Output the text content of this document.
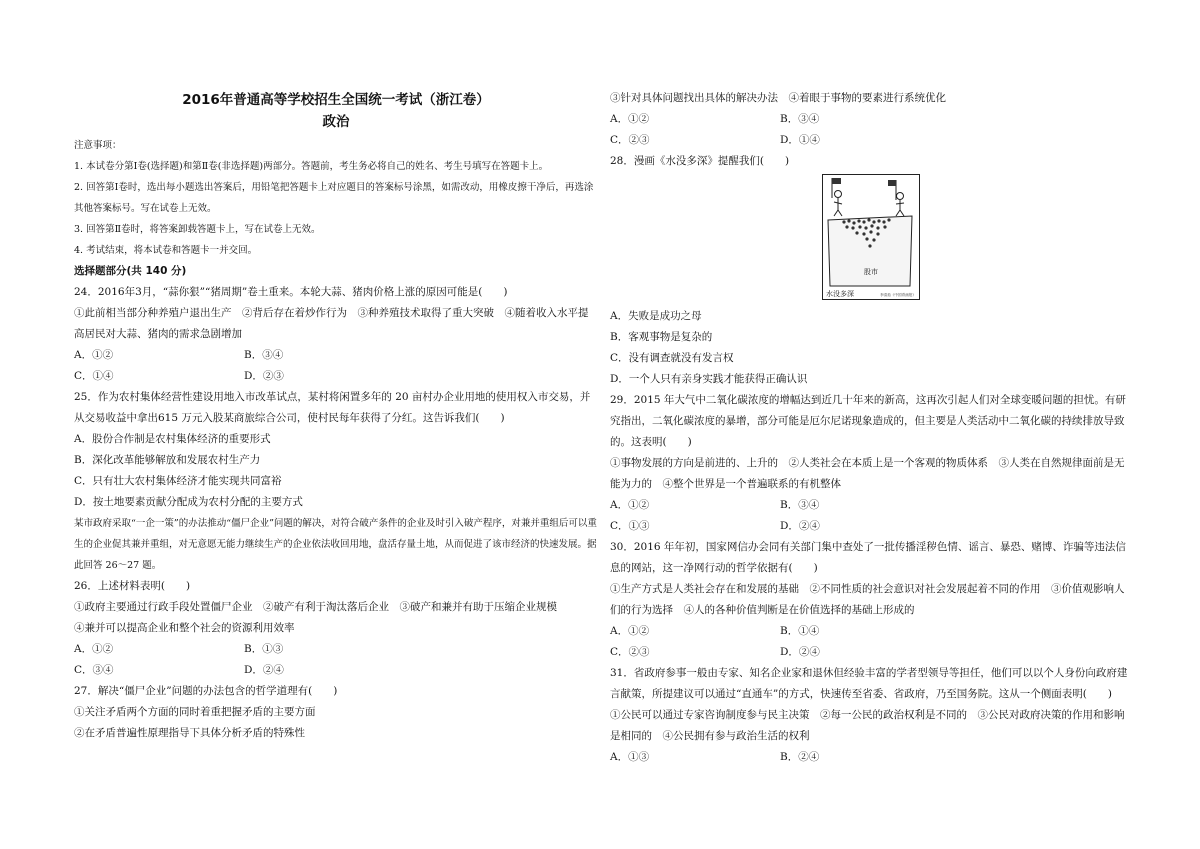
2016年普通高等学校招生全国统一考试（浙江卷）
政治

注意事项：

1. 本试卷分第Ⅰ卷(选择题)和第Ⅱ卷(非选择题)两部分。答题前，考生务必将自己的姓名、考生号填写在答题卡上。

2. 回答第Ⅰ卷时，选出每小题选出答案后，用铅笔把答题卡上对应题目的答案标号涂黑，如需改动，用橡皮擦干净后，再选涂其他答案标号。写在试卷上无效。

3. 回答第Ⅱ卷时，将答案卸载答题卡上，写在试卷上无效。

4. 考试结束，将本试卷和答题卡一并交回。

选择题部分(共 140 分)

24．2016年3月，“蒜你狠”“猪周期”卷土重来。本轮大蒜、猪肉价格上涨的原因可能是(　　)

①此前相当部分种养殖户退出生产　②背后存在着炒作行为　③种养殖技术取得了重大突破　④随着收入水平提高居民对大蒜、猪肉的需求急剧增加

A．①②	B．③④
C．①④	D．②③

25．作为农村集体经营性建设用地入市改革试点，某村将闲置多年的 20 亩村办企业用地的使用权入市交易，并从交易收益中拿出615 万元入股某商旅综合公司，使村民每年获得了分红。这告诉我们(　　)

A．股份合作制是农村集体经济的重要形式

B．深化改革能够解放和发展农村生产力

C．只有壮大农村集体经济才能实现共同富裕

D．按土地要素贡献分配成为农村分配的主要方式

某市政府采取“一企一策”的办法推动“僵尸企业”问题的解决，对符合破产条件的企业及时引入破产程序，对兼并重组后可以重生的企业促其兼并重组，对无意愿无能力继续生产的企业依法收回用地，盘活存量土地，从而促进了该市经济的快速发展。据此回答 26～27 题。

26．上述材料表明(　　)

①政府主要通过行政手段处置僵尸企业　②破产有利于淘汰落后企业　③破产和兼并有助于压缩企业规模

④兼并可以提高企业和整个社会的资源利用效率

A．①②	B．①③
C．③④	D．②④

27．解决“僵尸企业”问题的办法包含的哲学道理有(　　)

①关注矛盾两个方面的同时着重把握矛盾的主要方面

②在矛盾普遍性原理指导下具体分析矛盾的特殊性

③针对具体问题找出具体的解决办法　④着眼于事物的要素进行系统优化

A．①②	B．③④
C．②③	D．①④

28．漫画《水没多深》提醒我们(　　)

股市
水没多深	李清茹《中国青画报》

A．失败是成功之母

B．客观事物是复杂的

C．没有调查就没有发言权

D．一个人只有亲身实践才能获得正确认识

29．2015 年大气中二氧化碳浓度的增幅达到近几十年来的新高，这再次引起人们对全球变暖问题的担忧。有研究指出，二氧化碳浓度的暴增，部分可能是厄尔尼诺现象造成的，但主要是人类活动中二氧化碳的持续排放导致的。这表明(　　)

①事物发展的方向是前进的、上升的　②人类社会在本质上是一个客观的物质体系　③人类在自然规律面前是无能为力的　④整个世界是一个普遍联系的有机整体

A．①②	B．③④
C．①③	D．②④

30．2016 年年初，国家网信办会同有关部门集中查处了一批传播淫秽色情、谣言、暴恐、赌博、诈骗等违法信息的网站，这一净网行动的哲学依据有(　　)

①生产方式是人类社会存在和发展的基础　②不同性质的社会意识对社会发展起着不同的作用　③价值观影响人们的行为选择　④人的各种价值判断是在价值选择的基础上形成的

A．①②	B．①④
C．②③	D．②④

31．省政府参事一般由专家、知名企业家和退休但经验丰富的学者型领导等担任，他们可以以个人身份向政府建言献策，所提建议可以通过“直通车”的方式，快速传至省委、省政府，乃至国务院。这从一个侧面表明(　　)

①公民可以通过专家咨询制度参与民主决策　②每一公民的政治权利是不同的　③公民对政府决策的作用和影响是相同的　④公民拥有参与政治生活的权利

A．①③	B．②④
